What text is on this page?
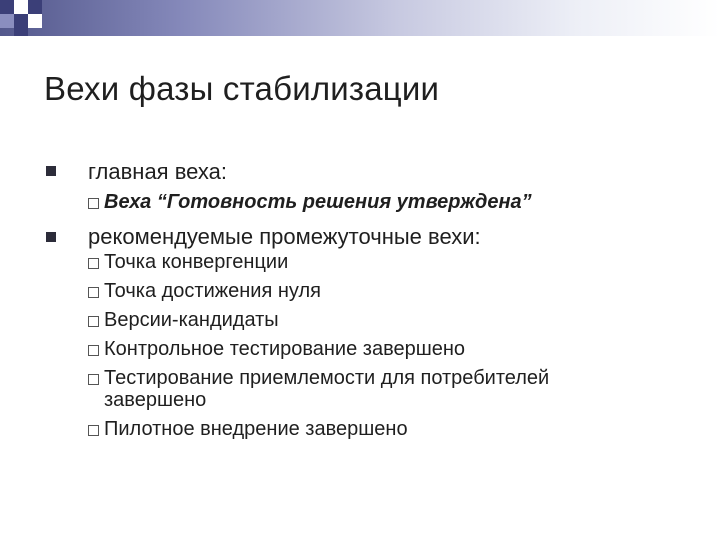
Вехи фазы стабилизации
главная веха:
Веха “Готовность решения утверждена”
рекомендуемые промежуточные вехи:
Точка конвергенции
Точка достижения нуля
Версии-кандидаты
Контрольное тестирование завершено
Тестирование приемлемости для потребителей
завершено
Пилотное внедрение завершено
